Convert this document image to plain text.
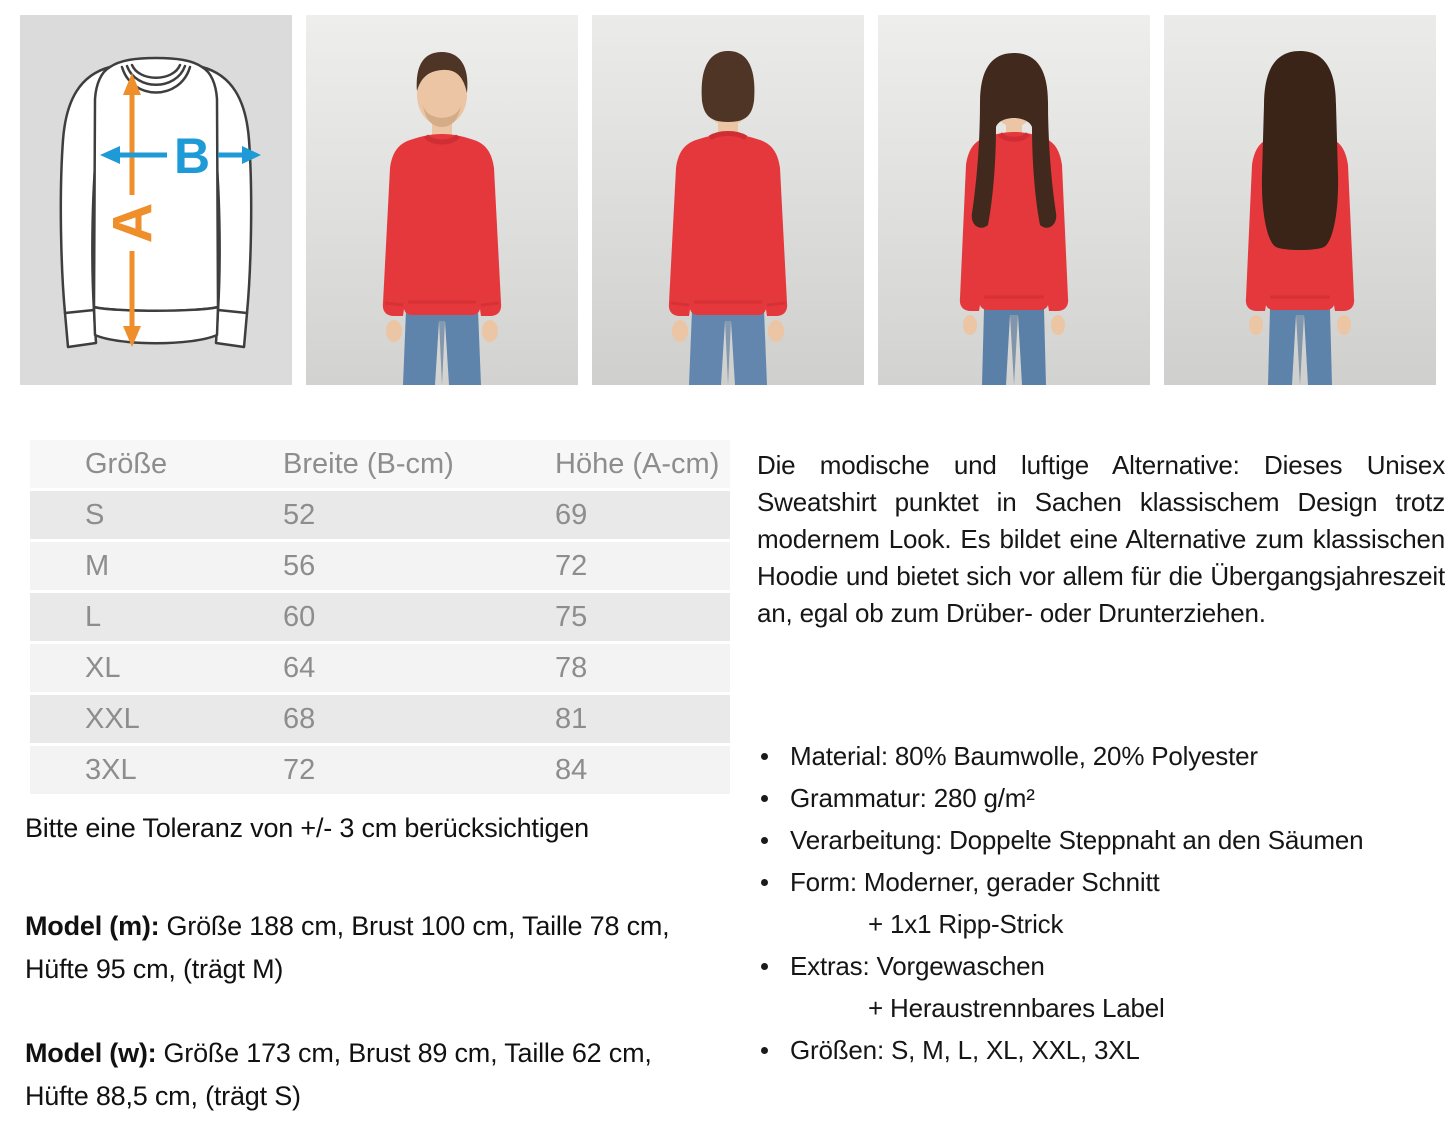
A
B
Größe	Breite (B-cm)	Höhe (A-cm)
S	52	69
M	56	72
L	60	75
XL	64	78
XXL	68	81
3XL	72	84
Bitte eine Toleranz von +/- 3 cm berücksichtigen
Model (m): Größe 188 cm, Brust 100 cm, Taille 78 cm, Hüfte 95 cm, (trägt M)
Model (w): Größe 173 cm, Brust 89 cm, Taille 62 cm, Hüfte 88,5 cm, (trägt S)
Die modische und luftige Alternative: Dieses Unisex Sweatshirt punktet in Sachen klassischem Design trotz modernem Look. Es bildet eine Alternative zum klassischen Hoodie und bietet sich vor allem für die Übergangsjahreszeit an, egal ob zum Drüber- oder Drunterziehen.
Material: 80% Baumwolle, 20% Polyester
Grammatur: 280 g/m²
Verarbeitung: Doppelte Steppnaht an den Säumen
Form: Moderner, gerader Schnitt
+ 1x1 Ripp-Strick
Extras: Vorgewaschen
+ Heraustrennbares Label
Größen: S, M, L, XL, XXL, 3XL
